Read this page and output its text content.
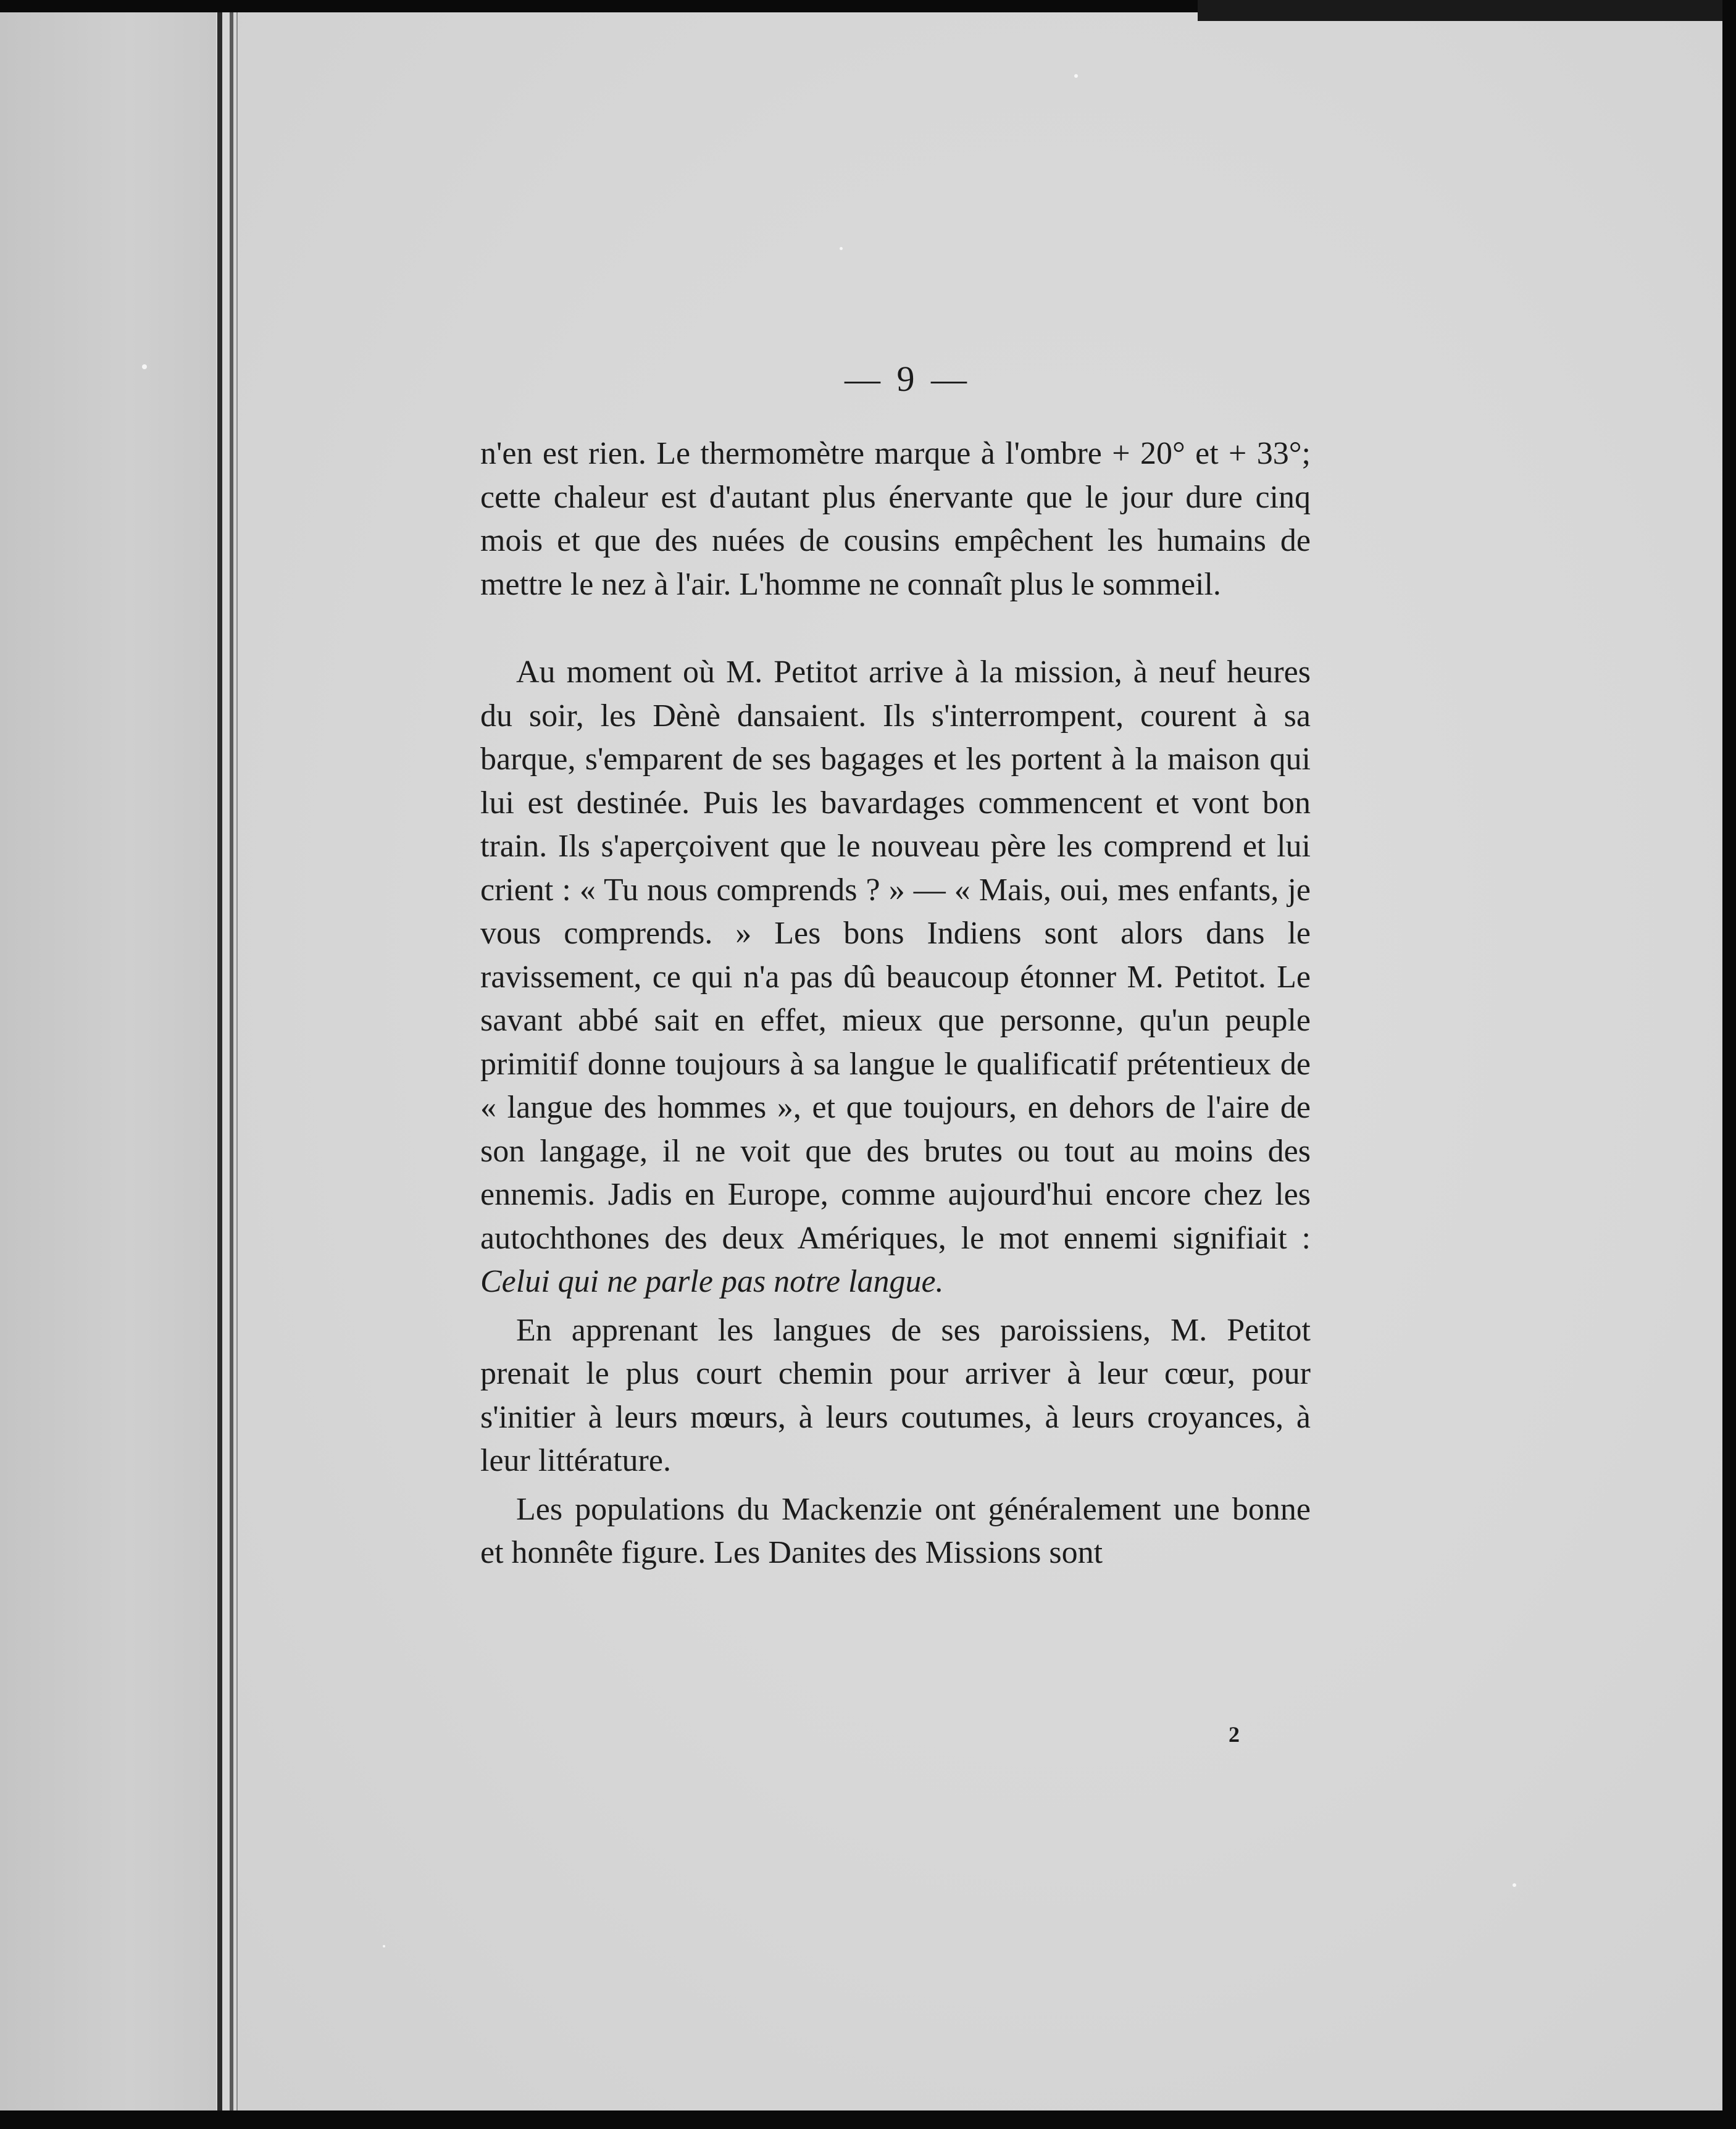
— 9 —

n'en est rien. Le thermomètre marque à l'ombre + 20° et + 33°; cette chaleur est d'autant plus énervante que le jour dure cinq mois et que des nuées de cousins empêchent les humains de mettre le nez à l'air. L'homme ne connaît plus le sommeil.

Au moment où M. Petitot arrive à la mission, à neuf heures du soir, les Dènè dansaient. Ils s'interrompent, courent à sa barque, s'emparent de ses bagages et les portent à la maison qui lui est destinée. Puis les bavardages commencent et vont bon train. Ils s'aperçoivent que le nouveau père les comprend et lui crient : « Tu nous comprends ? » — « Mais, oui, mes enfants, je vous comprends. » Les bons Indiens sont alors dans le ravissement, ce qui n'a pas dû beaucoup étonner M. Petitot. Le savant abbé sait en effet, mieux que personne, qu'un peuple primitif donne toujours à sa langue le qualificatif prétentieux de « langue des hommes », et que toujours, en dehors de l'aire de son langage, il ne voit que des brutes ou tout au moins des ennemis. Jadis en Europe, comme aujourd'hui encore chez les autochthones des deux Amériques, le mot ennemi signifiait : Celui qui ne parle pas notre langue.

En apprenant les langues de ses paroissiens, M. Petitot prenait le plus court chemin pour arriver à leur cœur, pour s'initier à leurs mœurs, à leurs coutumes, à leurs croyances, à leur littérature.

Les populations du Mackenzie ont généralement une bonne et honnête figure. Les Danites des Missions sont

2
